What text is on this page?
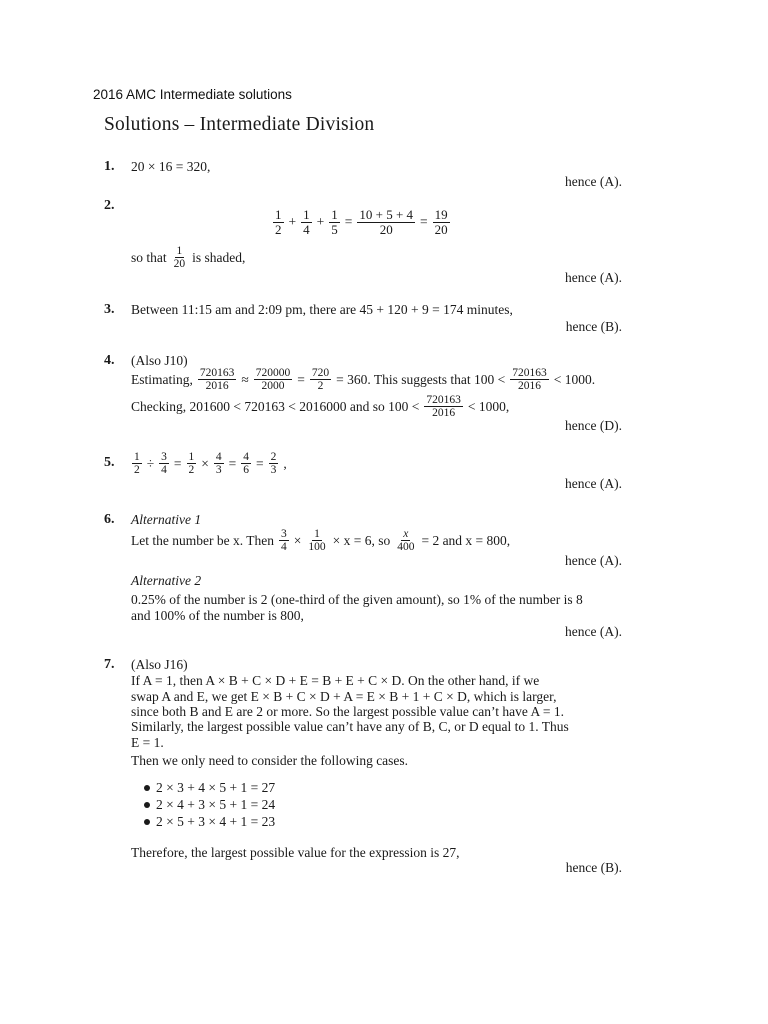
2016 AMC Intermediate solutions
Solutions – Intermediate Division
1. 20 × 16 = 320,
hence (A).
2.
$\frac{1}{2} + \frac{1}{4} + \frac{1}{5} = \frac{10 + 5 + 4}{20} = \frac{19}{20}$
so that $\frac{1}{20}$ is shaded,
hence (A).
3. Between 11:15 am and 2:09 pm, there are 45 + 120 + 9 = 174 minutes,
hence (B).
4. (Also J10)
Estimating, $\frac{720163}{2016} \approx \frac{720000}{2000} = \frac{720}{2} = 360$. This suggests that $100 < \frac{720163}{2016} < 1000$.
Checking, 201600 < 720163 < 2016000 and so $100 < \frac{720163}{2016} < 1000$,
hence (D).
5. $\frac{1}{2} \div \frac{3}{4} = \frac{1}{2} \times \frac{4}{3} = \frac{4}{6} = \frac{2}{3}$ ,
hence (A).
6. Alternative 1
Let the number be x. Then $\frac{3}{4} \times \frac{1}{100} \times x = 6$, so $\frac{x}{400} = 2$ and x = 800,
hence (A).
Alternative 2
0.25% of the number is 2 (one-third of the given amount), so 1% of the number is 8
and 100% of the number is 800,
hence (A).
7. (Also J16)
If A = 1, then A × B + C × D + E = B + E + C × D. On the other hand, if we
swap A and E, we get E × B + C × D + A = E × B + 1 + C × D, which is larger,
since both B and E are 2 or more. So the largest possible value can’t have A = 1.
Similarly, the largest possible value can’t have any of B, C, or D equal to 1. Thus
E = 1.
Then we only need to consider the following cases.
2 × 3 + 4 × 5 + 1 = 27
2 × 4 + 3 × 5 + 1 = 24
2 × 5 + 3 × 4 + 1 = 23
Therefore, the largest possible value for the expression is 27,
hence (B).
